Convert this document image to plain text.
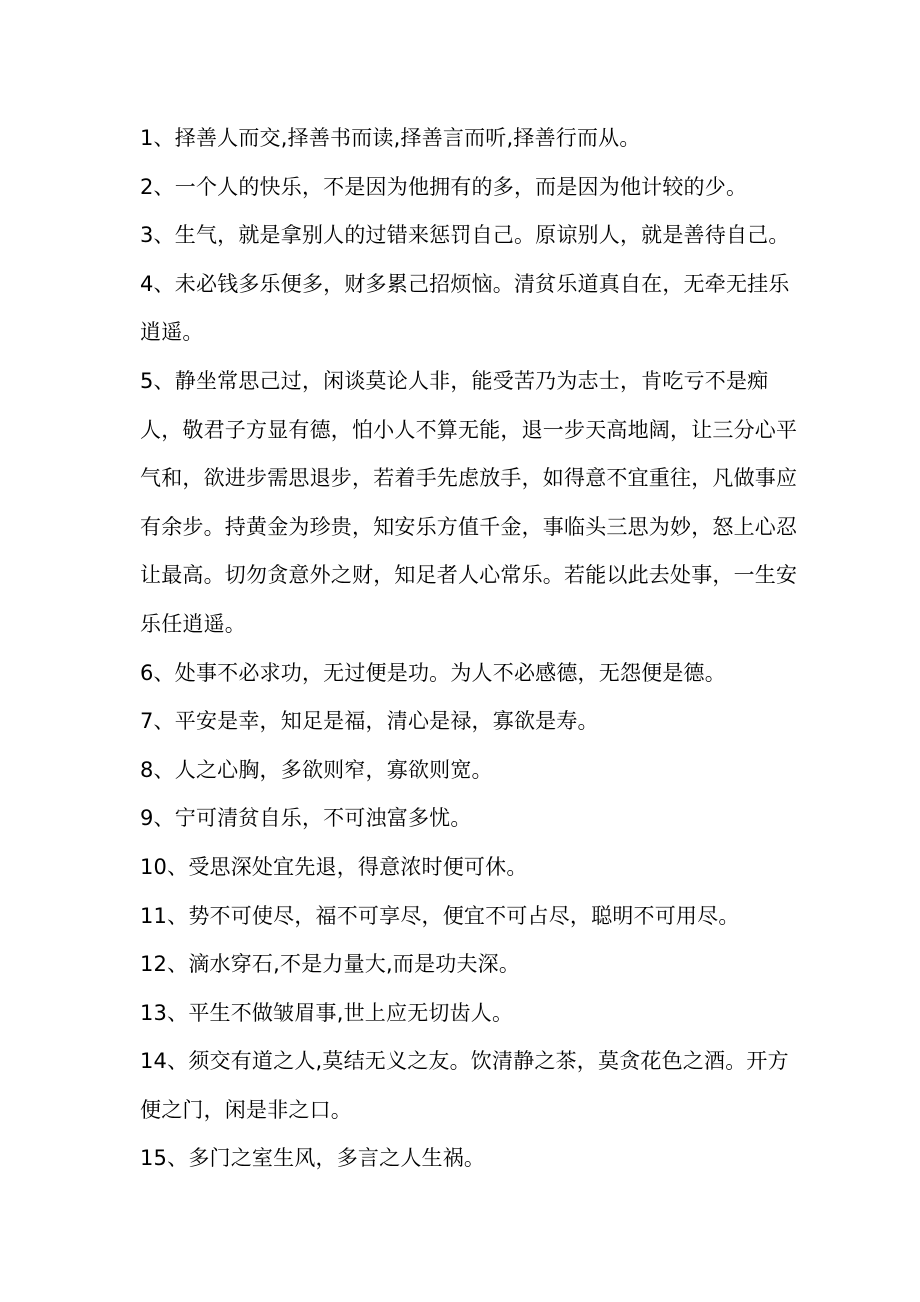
1、择善人而交,择善书而读,择善言而听,择善行而从。

2、一个人的快乐，不是因为他拥有的多，而是因为他计较的少。

3、生气，就是拿别人的过错来惩罚自己。原谅别人，就是善待自己。

4、未必钱多乐便多，财多累己招烦恼。清贫乐道真自在，无牵无挂乐逍遥。

5、静坐常思己过，闲谈莫论人非，能受苦乃为志士，肯吃亏不是痴人，敬君子方显有德，怕小人不算无能，退一步天高地阔，让三分心平气和，欲进步需思退步，若着手先虑放手，如得意不宜重往，凡做事应有余步。持黄金为珍贵，知安乐方值千金，事临头三思为妙，怒上心忍让最高。切勿贪意外之财，知足者人心常乐。若能以此去处事，一生安乐任逍遥。

6、处事不必求功，无过便是功。为人不必感德，无怨便是德。

7、平安是幸，知足是福，清心是禄，寡欲是寿。

8、人之心胸，多欲则窄，寡欲则宽。

9、宁可清贫自乐，不可浊富多忧。

10、受思深处宜先退，得意浓时便可休。

11、势不可使尽，福不可享尽，便宜不可占尽，聪明不可用尽。

12、滴水穿石,不是力量大,而是功夫深。

13、平生不做皱眉事,世上应无切齿人。

14、须交有道之人,莫结无义之友。饮清静之茶，莫贪花色之酒。开方便之门，闲是非之口。

15、多门之室生风，多言之人生祸。
